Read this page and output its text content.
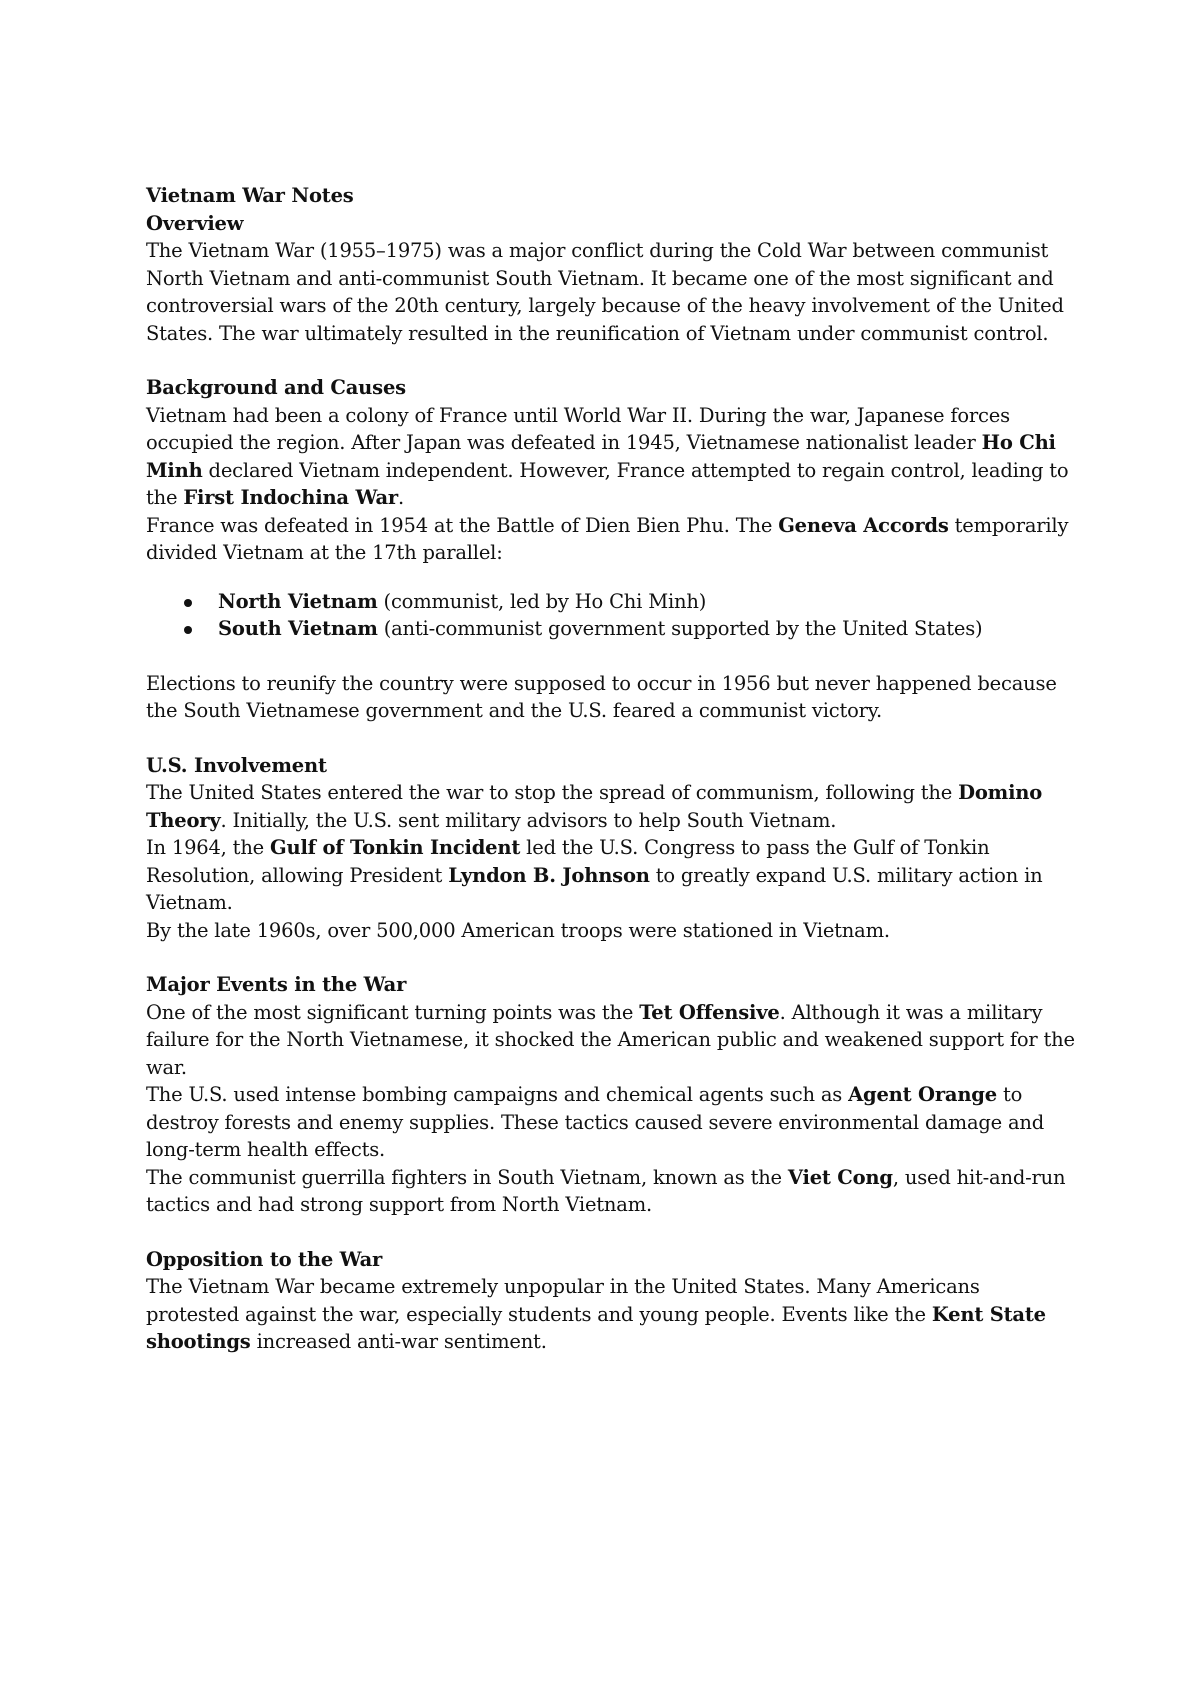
Vietnam War Notes

Overview

The Vietnam War (1955–1975) was a major conflict during the Cold War between communist North Vietnam and anti-communist South Vietnam. It became one of the most significant and controversial wars of the 20th century, largely because of the heavy involvement of the United States. The war ultimately resulted in the reunification of Vietnam under communist control.

Background and Causes

Vietnam had been a colony of France until World War II. During the war, Japanese forces occupied the region. After Japan was defeated in 1945, Vietnamese nationalist leader Ho Chi Minh declared Vietnam independent. However, France attempted to regain control, leading to the First Indochina War.

France was defeated in 1954 at the Battle of Dien Bien Phu. The Geneva Accords temporarily divided Vietnam at the 17th parallel:

North Vietnam (communist, led by Ho Chi Minh)
South Vietnam (anti-communist government supported by the United States)

Elections to reunify the country were supposed to occur in 1956 but never happened because the South Vietnamese government and the U.S. feared a communist victory.

U.S. Involvement

The United States entered the war to stop the spread of communism, following the Domino Theory. Initially, the U.S. sent military advisors to help South Vietnam.

In 1964, the Gulf of Tonkin Incident led the U.S. Congress to pass the Gulf of Tonkin Resolution, allowing President Lyndon B. Johnson to greatly expand U.S. military action in Vietnam.

By the late 1960s, over 500,000 American troops were stationed in Vietnam.

Major Events in the War

One of the most significant turning points was the Tet Offensive. Although it was a military failure for the North Vietnamese, it shocked the American public and weakened support for the war.

The U.S. used intense bombing campaigns and chemical agents such as Agent Orange to destroy forests and enemy supplies. These tactics caused severe environmental damage and long-term health effects.

The communist guerrilla fighters in South Vietnam, known as the Viet Cong, used hit-and-run tactics and had strong support from North Vietnam.

Opposition to the War

The Vietnam War became extremely unpopular in the United States. Many Americans protested against the war, especially students and young people. Events like the Kent State shootings increased anti-war sentiment.
